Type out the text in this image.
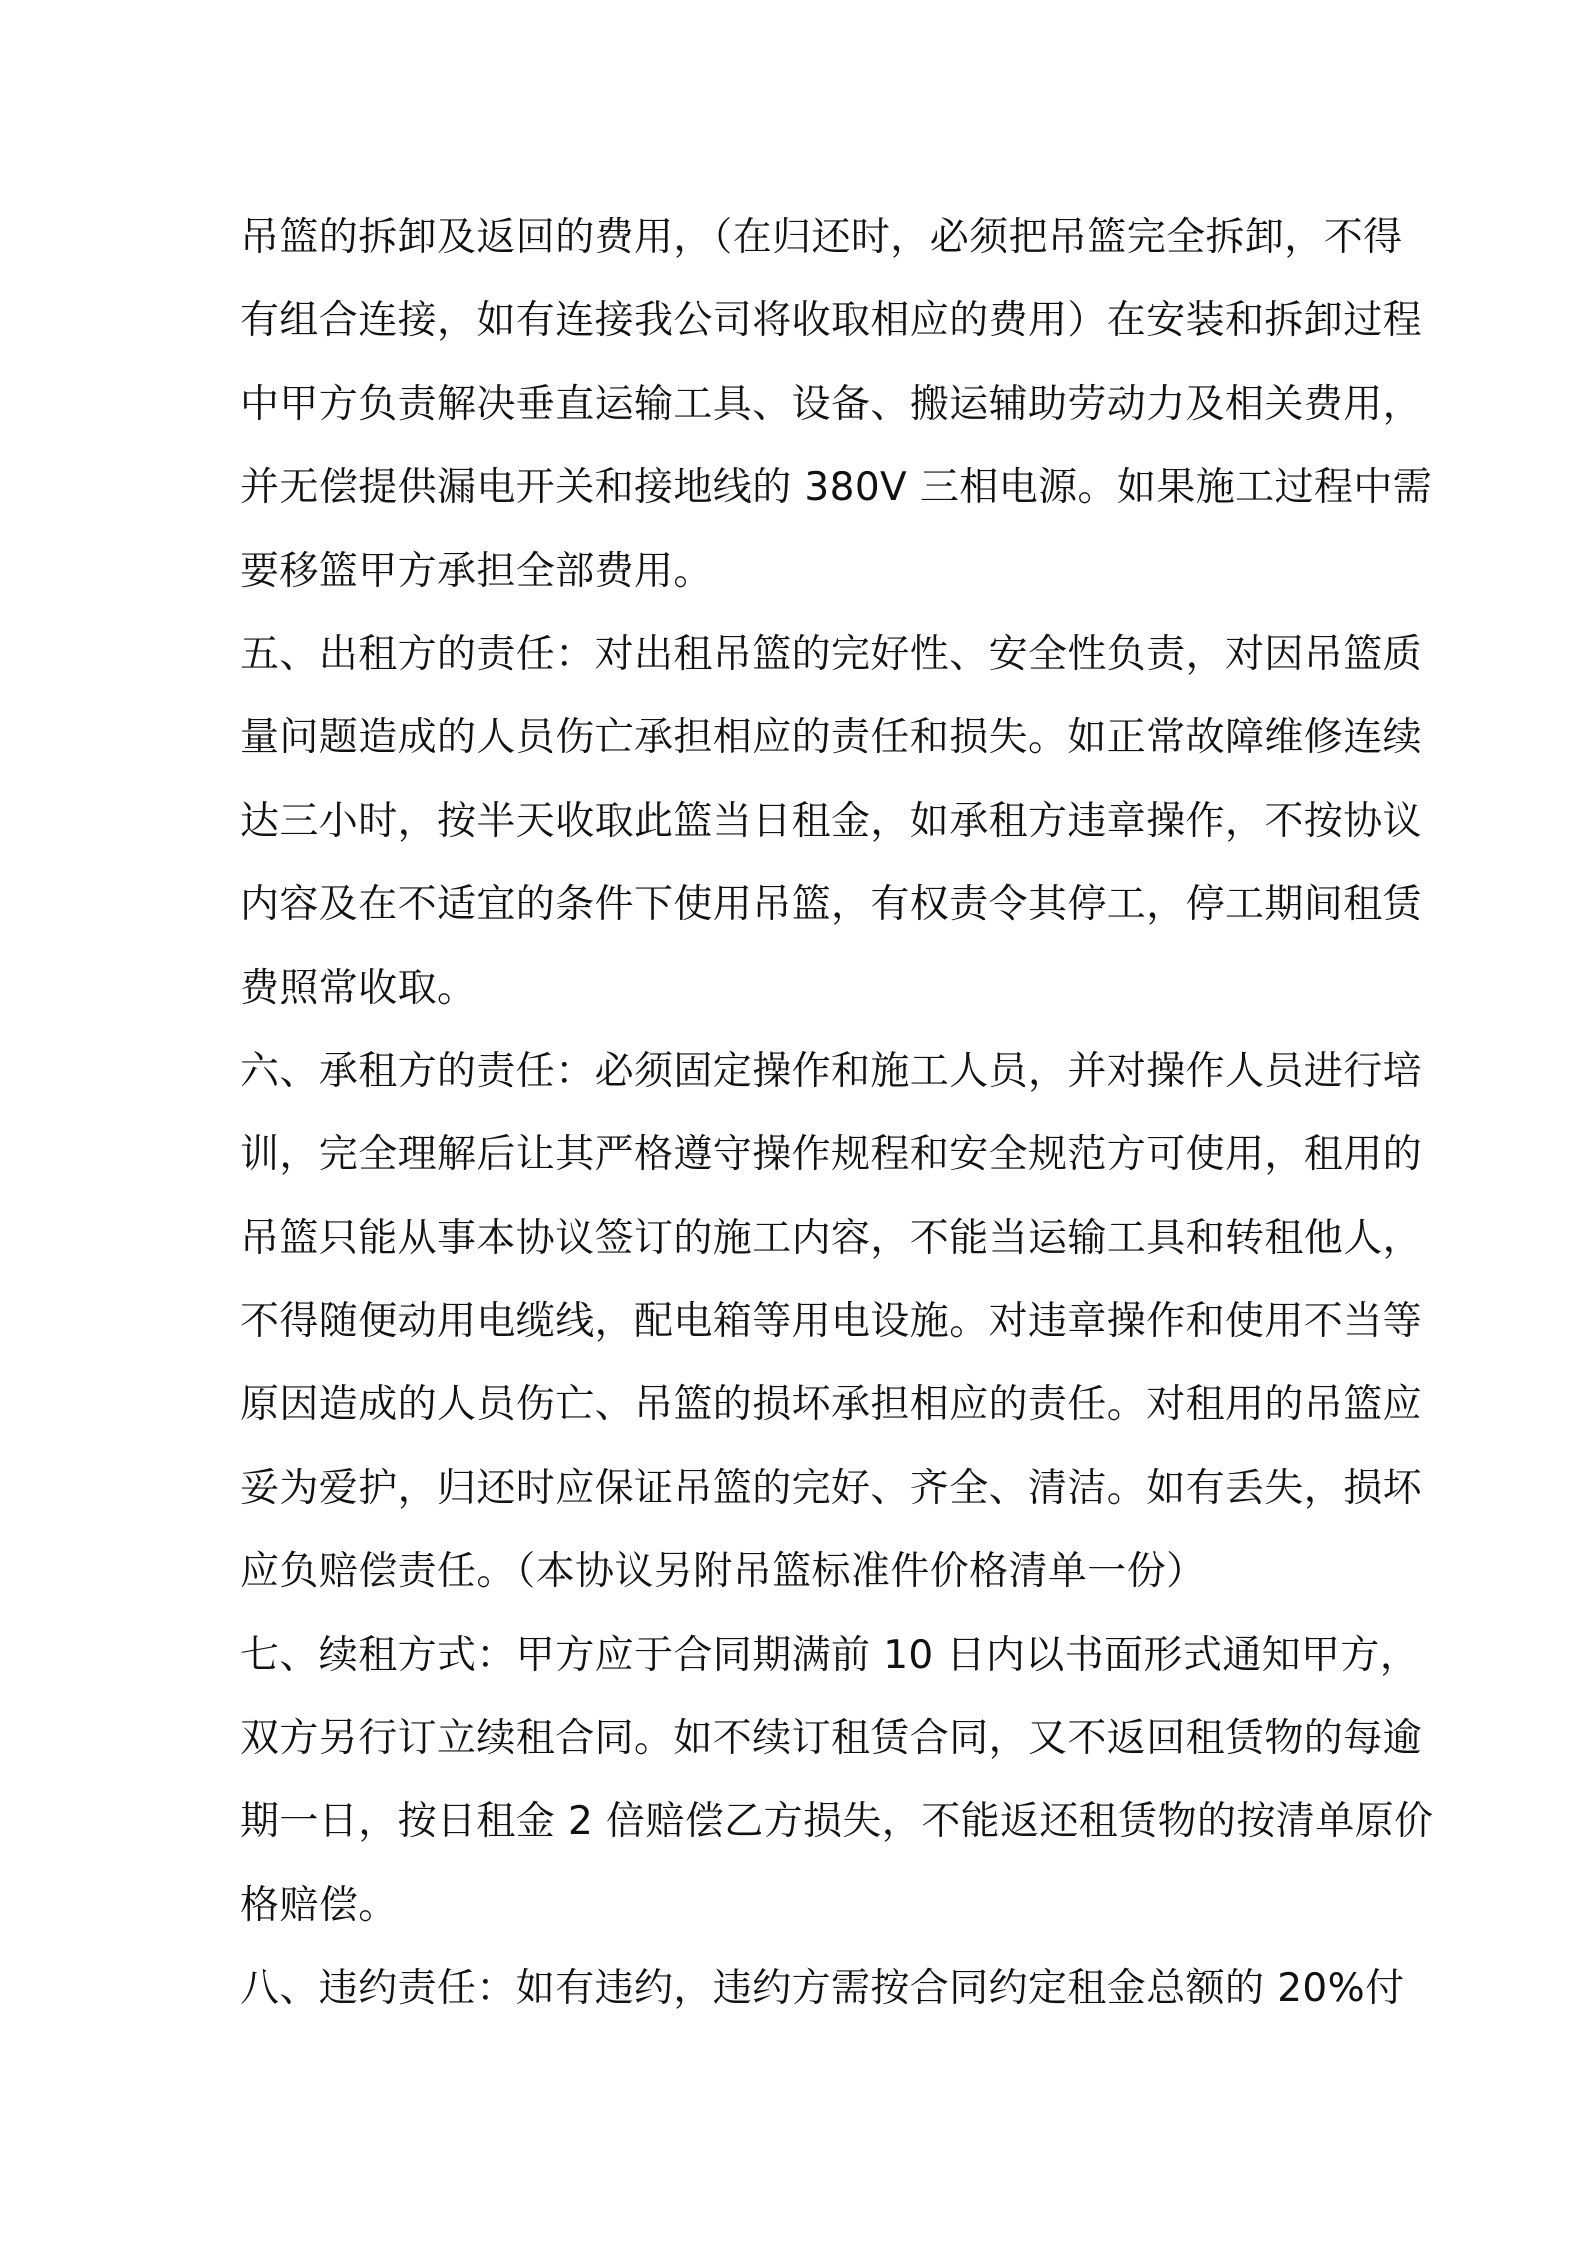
吊篮的拆卸及返回的费用，（在归还时，必须把吊篮完全拆卸，不得
有组合连接，如有连接我公司将收取相应的费用）在安装和拆卸过程
中甲方负责解决垂直运输工具、设备、搬运辅助劳动力及相关费用，
并无偿提供漏电开关和接地线的 380V 三相电源。如果施工过程中需
要移篮甲方承担全部费用。
五、出租方的责任：对出租吊篮的完好性、安全性负责，对因吊篮质
量问题造成的人员伤亡承担相应的责任和损失。如正常故障维修连续
达三小时，按半天收取此篮当日租金，如承租方违章操作，不按协议
内容及在不适宜的条件下使用吊篮，有权责令其停工，停工期间租赁
费照常收取。
六、承租方的责任：必须固定操作和施工人员，并对操作人员进行培
训，完全理解后让其严格遵守操作规程和安全规范方可使用，租用的
吊篮只能从事本协议签订的施工内容，不能当运输工具和转租他人，
不得随便动用电缆线，配电箱等用电设施。对违章操作和使用不当等
原因造成的人员伤亡、吊篮的损坏承担相应的责任。对租用的吊篮应
妥为爱护，归还时应保证吊篮的完好、齐全、清洁。如有丢失，损坏
应负赔偿责任。（本协议另附吊篮标准件价格清单一份）
七、续租方式：甲方应于合同期满前 10 日内以书面形式通知甲方，
双方另行订立续租合同。如不续订租赁合同，又不返回租赁物的每逾
期一日，按日租金 2 倍赔偿乙方损失，不能返还租赁物的按清单原价
格赔偿。
八、违约责任：如有违约，违约方需按合同约定租金总额的 20%付
